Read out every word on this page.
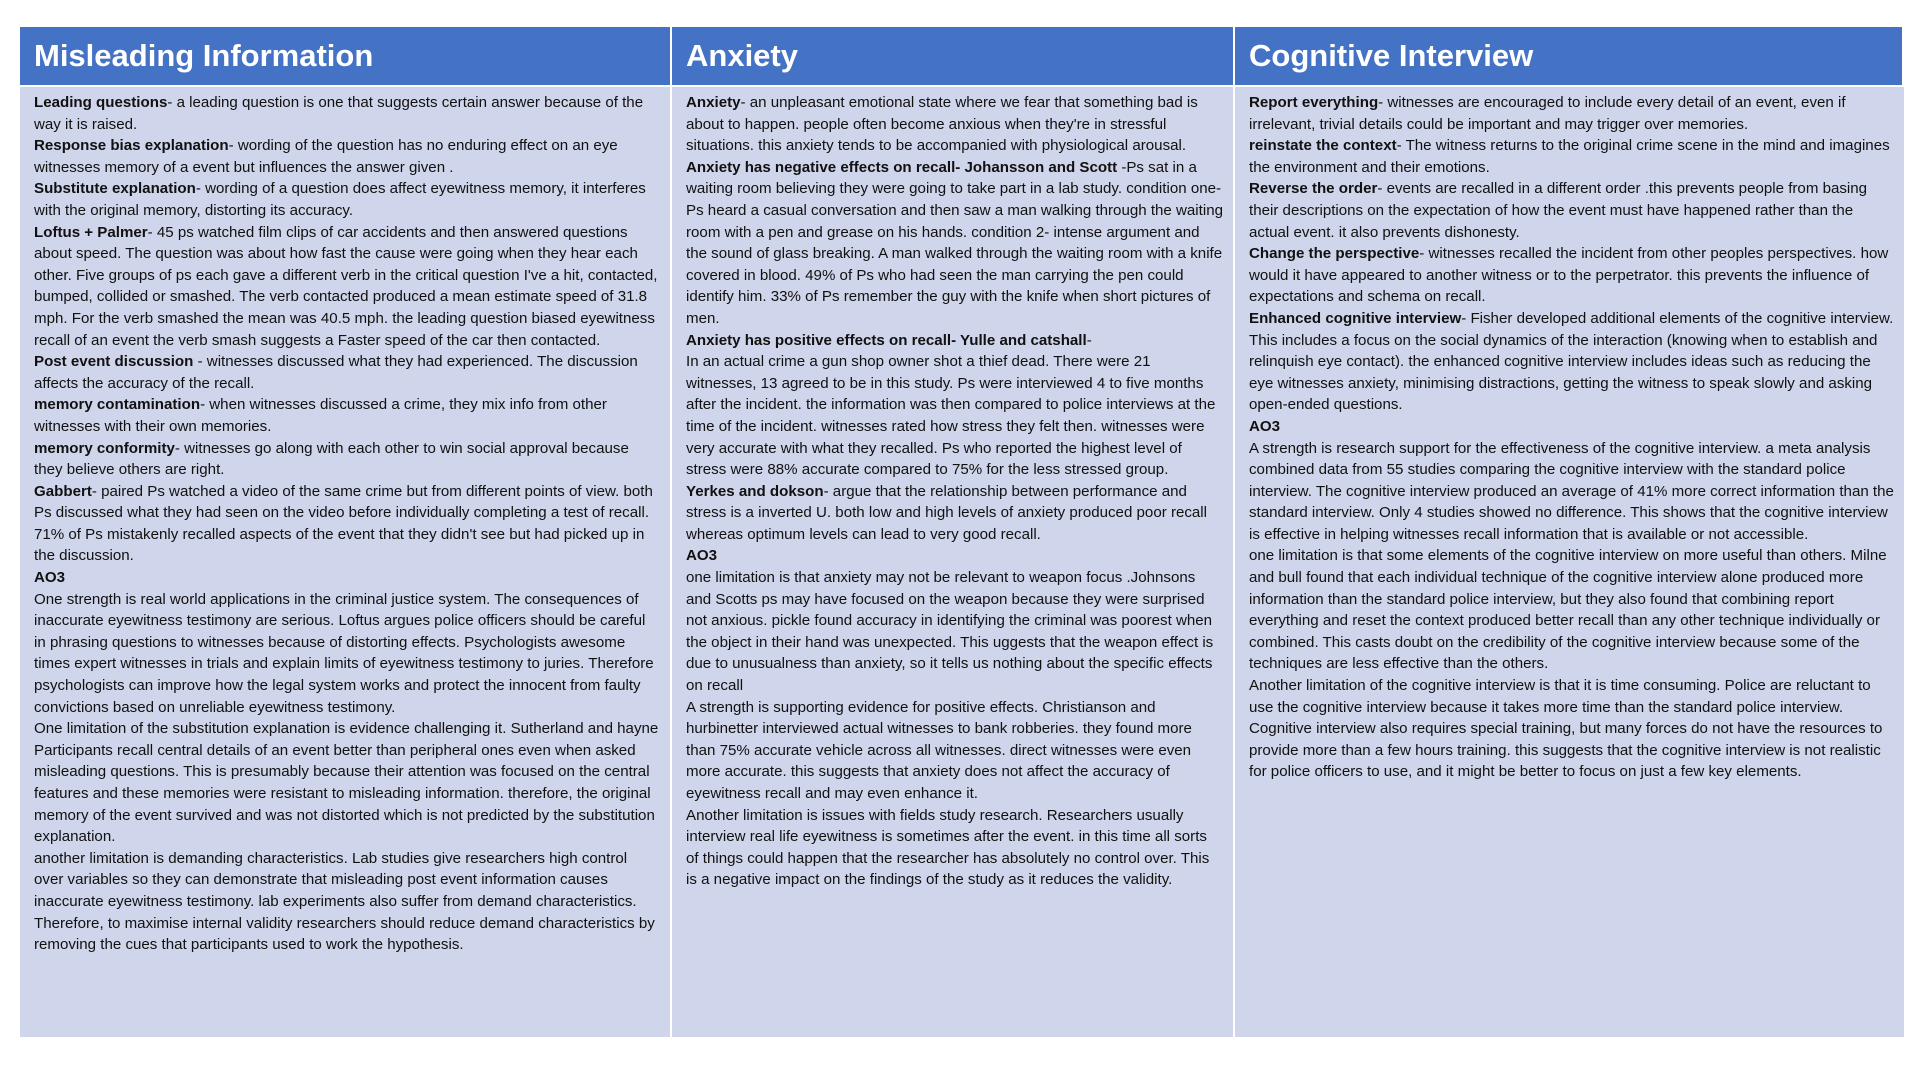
Misleading Information	Anxiety	Cognitive Interview

Leading questions- a leading question is one that suggests certain answer because of the way it is raised.

Response bias explanation- wording of the question has no enduring effect on an eye witnesses memory of a event but influences the answer given .

Substitute explanation- wording of a question does affect eyewitness memory, it interferes with the original memory, distorting its accuracy.

Loftus + Palmer- 45 ps watched film clips of car accidents and then answered questions about speed. The question was about how fast the cause were going when they hear each other. Five groups of ps each gave a different verb in the critical question I've a hit, contacted, bumped, collided or smashed. The verb contacted produced a mean estimate speed of 31.8 mph. For the verb smashed the mean was 40.5 mph. the leading question biased eyewitness recall of an event the verb smash suggests a Faster speed of the car then contacted.

Post event discussion - witnesses discussed what they had experienced. The discussion affects the accuracy of the recall.

memory contamination- when witnesses discussed a crime, they mix info from other witnesses with their own memories.

memory conformity- witnesses go along with each other to win social approval because they believe others are right.

Gabbert- paired Ps watched a video of the same crime but from different points of view. both Ps discussed what they had seen on the video before individually completing a test of recall. 71% of Ps mistakenly recalled aspects of the event that they didn't see but had picked up in the discussion.

AO3

One strength is real world applications in the criminal justice system. The consequences of inaccurate eyewitness testimony are serious. Loftus argues police officers should be careful in phrasing questions to witnesses because of distorting effects. Psychologists awesome times expert witnesses in trials and explain limits of eyewitness testimony to juries. Therefore psychologists can improve how the legal system works and protect the innocent from faulty convictions based on unreliable eyewitness testimony.

One limitation of the substitution explanation is evidence challenging it. Sutherland and hayne Participants recall central details of an event better than peripheral ones even when asked misleading questions. This is presumably because their attention was focused on the central features and these memories were resistant to misleading information. therefore, the original memory of the event survived and was not distorted which is not predicted by the substitution explanation.

another limitation is demanding characteristics. Lab studies give researchers high control over variables so they can demonstrate that misleading post event information causes inaccurate eyewitness testimony. lab experiments also suffer from demand characteristics. Therefore, to maximise internal validity researchers should reduce demand characteristics by removing the cues that participants used to work the hypothesis.

Anxiety- an unpleasant emotional state where we fear that something bad is about to happen. people often become anxious when they're in stressful situations. this anxiety tends to be accompanied with physiological arousal.

Anxiety has negative effects on recall- Johansson and Scott -Ps sat in a waiting room believing they were going to take part in a lab study. condition one- Ps heard a casual conversation and then saw a man walking through the waiting room with a pen and grease on his hands. condition 2- intense argument and the sound of glass breaking. A man walked through the waiting room with a knife covered in blood. 49% of Ps who had seen the man carrying the pen could identify him. 33% of Ps remember the guy with the knife when short pictures of men.

Anxiety has positive effects on recall- Yulle and catshall-

In an actual crime a gun shop owner shot a thief dead. There were 21 witnesses, 13 agreed to be in this study. Ps were interviewed 4 to five months after the incident. the information was then compared to police interviews at the time of the incident. witnesses rated how stress they felt then. witnesses were very accurate with what they recalled. Ps who reported the highest level of stress were 88% accurate compared to 75% for the less stressed group.

Yerkes and dokson- argue that the relationship between performance and stress is a inverted U. both low and high levels of anxiety produced poor recall whereas optimum levels can lead to very good recall.

AO3

one limitation is that anxiety may not be relevant to weapon focus .Johnsons and Scotts ps may have focused on the weapon because they were surprised not anxious. pickle found accuracy in identifying the criminal was poorest when the object in their hand was unexpected. This uggests that the weapon effect is due to unusualness than anxiety, so it tells us nothing about the specific effects on recall

A strength is supporting evidence for positive effects. Christianson and hurbinetter interviewed actual witnesses to bank robberies. they found more than 75% accurate vehicle across all witnesses. direct witnesses were even more accurate. this suggests that anxiety does not affect the accuracy of eyewitness recall and may even enhance it.

Another limitation is issues with fields study research. Researchers usually interview real life eyewitness is sometimes after the event. in this time all sorts of things could happen that the researcher has absolutely no control over. This is a negative impact on the findings of the study as it reduces the validity.

Report everything- witnesses are encouraged to include every detail of an event, even if irrelevant, trivial details could be important and may trigger over memories.

reinstate the context- The witness returns to the original crime scene in the mind and imagines the environment and their emotions.

Reverse the order- events are recalled in a different order .this prevents people from basing their descriptions on the expectation of how the event must have happened rather than the actual event. it also prevents dishonesty.

Change the perspective- witnesses recalled the incident from other peoples perspectives. how would it have appeared to another witness or to the perpetrator. this prevents the influence of expectations and schema on recall.

Enhanced cognitive interview- Fisher developed additional elements of the cognitive interview. This includes a focus on the social dynamics of the interaction (knowing when to establish and relinquish eye contact). the enhanced cognitive interview includes ideas such as reducing the eye witnesses anxiety, minimising distractions, getting the witness to speak slowly and asking open-ended questions.

AO3

A strength is research support for the effectiveness of the cognitive interview. a meta analysis combined data from 55 studies comparing the cognitive interview with the standard police interview. The cognitive interview produced an average of 41% more correct information than the standard interview. Only 4 studies showed no difference. This shows that the cognitive interview is effective in helping witnesses recall information that is available or not accessible.

one limitation is that some elements of the cognitive interview on more useful than others. Milne and bull found that each individual technique of the cognitive interview alone produced more information than the standard police interview, but they also found that combining report everything and reset the context produced better recall than any other technique individually or combined. This casts doubt on the credibility of the cognitive interview because some of the techniques are less effective than the others.

Another limitation of the cognitive interview is that it is time consuming. Police are reluctant to use the cognitive interview because it takes more time than the standard police interview. Cognitive interview also requires special training, but many forces do not have the resources to provide more than a few hours training. this suggests that the cognitive interview is not realistic for police officers to use, and it might be better to focus on just a few key elements.
